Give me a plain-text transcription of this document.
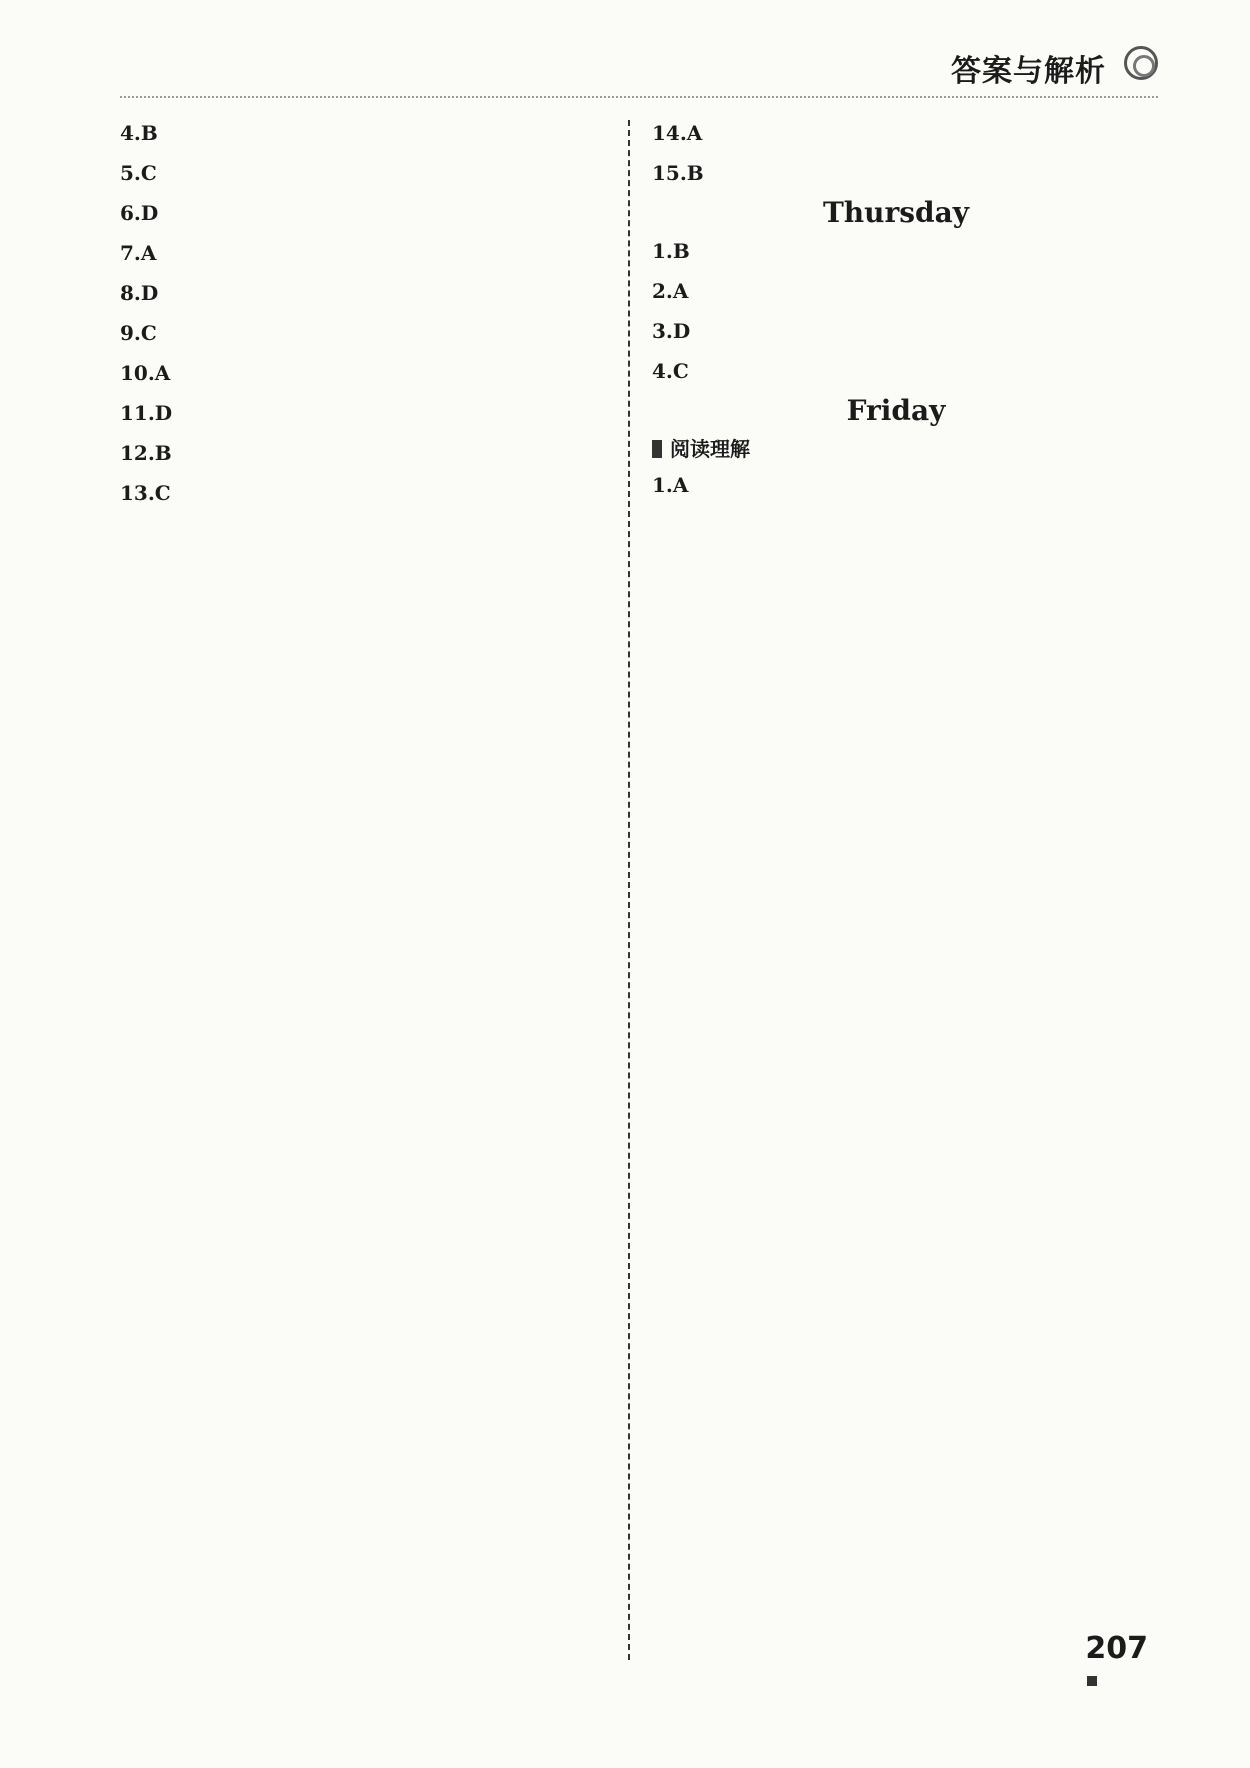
答案与解析
4.B
5.C
6.D
7.A
8.D
9.C
10.A
11.D
12.B
13.C
14.A
15.B
Thursday
1.B
2.A
3.D
4.C
Friday
阅读理解
1.A
207
